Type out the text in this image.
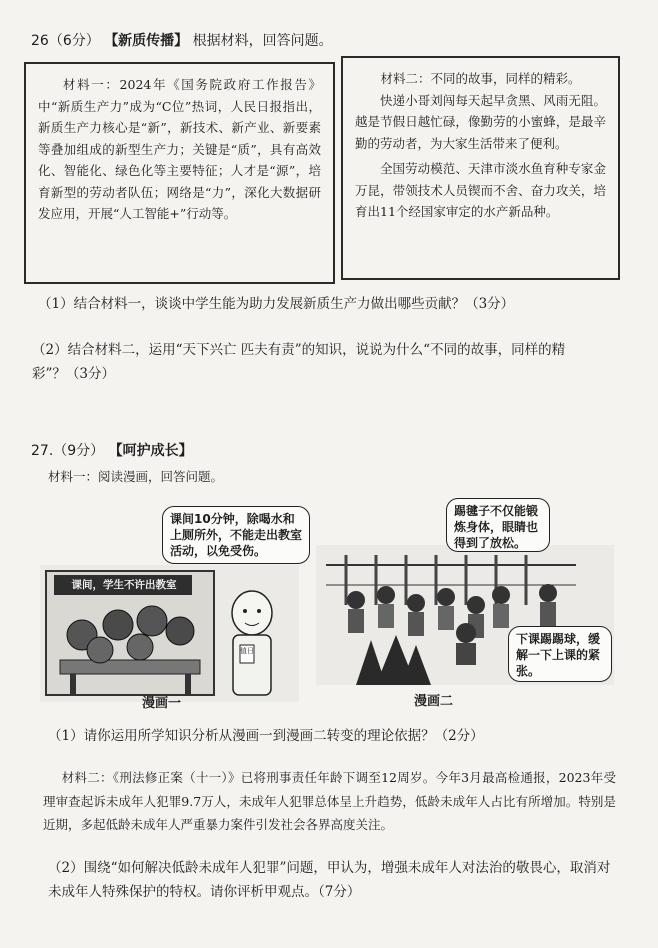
26（6分） 【新质传播】 根据材料，回答问题。

材料一：2024年《国务院政府工作报告》中“新质生产力”成为“C位”热词，人民日报指出，新质生产力核心是“新”，新技术、新产业、新要素等叠加组成的新型生产力；关键是“质”，具有高效化、智能化、绿色化等主要特征；人才是“源”，培育新型的劳动者队伍；网络是“力”，深化大数据研发应用，开展“人工智能+”行动等。

材料二：不同的故事，同样的精彩。

快递小哥刘闯每天起早贪黑、风雨无阻。越是节假日越忙碌，像勤劳的小蜜蜂，是最辛勤的劳动者，为大家生活带来了便利。

全国劳动模范、天津市淡水鱼育种专家金万昆，带领技术人员锲而不舍、奋力攻关，培育出11个经国家审定的水产新品种。

（1）结合材料一，谈谈中学生能为助力发展新质生产力做出哪些贡献？（3分）
（2）结合材料二，运用“天下兴亡 匹夫有责”的知识，说说为什么“不同的故事，同样的精彩”？（3分）
27.（9分） 【呵护成长】
材料一：阅读漫画，回答问题。
课间，学生不许出教室
值日
课间10分钟，除喝水和上厕所外，不能走出教室活动，以免受伤。
漫画一
踢毽子不仅能锻炼身体，眼睛也得到了放松。
下课踢踢球，缓解一下上课的紧张。
漫画二
（1）请你运用所学知识分析从漫画一到漫画二转变的理论依据？（2分）
材料二：《刑法修正案（十一）》已将刑事责任年龄下调至12周岁。今年3月最高检通报，2023年受理审查起诉未成年人犯罪9.7万人，未成年人犯罪总体呈上升趋势，低龄未成年人占比有所增加。特别是近期，多起低龄未成年人严重暴力案件引发社会各界高度关注。
（2）围绕“如何解决低龄未成年人犯罪”问题，甲认为，增强未成年人对法治的敬畏心，取消对未成年人特殊保护的特权。请你评析甲观点。（7分）
